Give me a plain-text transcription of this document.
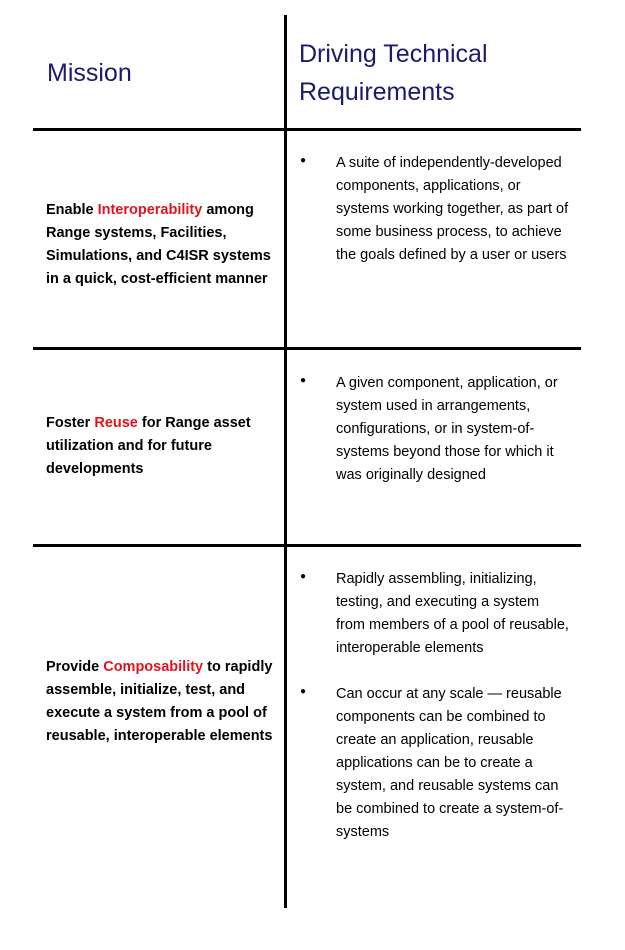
Mission
Driving Technical
Requirements
Enable Interoperability among Range systems, Facilities, Simulations, and C4ISR systems in a quick, cost-efficient manner
● A suite of independently-developed components, applications, or systems working together, as part of some business process, to achieve the goals defined by a user or users
Foster Reuse for Range asset utilization and for future developments
● A given component, application, or system used in arrangements, configurations, or in system-of-systems beyond those for which it was originally designed
Provide Composability to rapidly assemble, initialize, test, and execute a system from a pool of reusable, interoperable elements
● Rapidly assembling, initializing, testing, and executing a system from members of a pool of reusable, interoperable elements
● Can occur at any scale — reusable components can be combined to create an application, reusable applications can be to create a system, and reusable systems can be combined to create a system-of-systems
